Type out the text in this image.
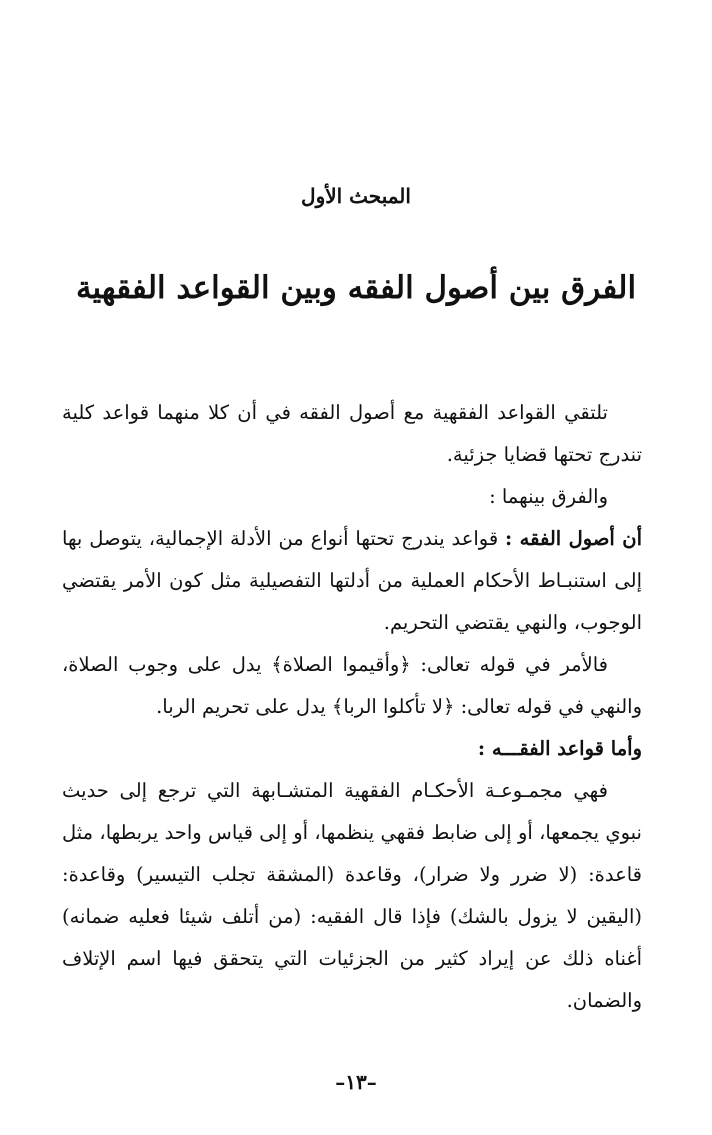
المبحث الأول
الفرق بين أصول الفقه وبين القواعد الفقهية

تلتقي القواعد الفقهية مع أصول الفقه في أن كلا منهما قواعد كلية تندرج تحتها قضايا جزئية.

والفرق بينهما :

أن أصول الفقه : قواعد يندرج تحتها أنواع من الأدلة الإجمالية، يتوصل بها إلى استنبـاط الأحكام العملية من أدلتها التفصيلية مثل كون الأمر يقتضي الوجوب، والنهي يقتضي التحريم.

فالأمر في قوله تعالى: ﴿وأقيموا الصلاة﴾ يدل على وجوب الصلاة، والنهي في قوله تعالى: ﴿لا تأكلوا الربا﴾ يدل على تحريم الربا.

وأما قواعد الفقـــه :

فهي مجمـوعـة الأحكـام الفقهية المتشـابهة التي ترجع إلى حديث نبوي يجمعها، أو إلى ضابط فقهي ينظمها، أو إلى قياس واحد يربطها، مثل قاعدة: (لا ضرر ولا ضرار)، وقاعدة (المشقة تجلب التيسير) وقاعدة: (اليقين لا يزول بالشك) فإذا قال الفقيه: (من أتلف شيئا فعليه ضمانه) أغناه ذلك عن إيراد كثير من الجزئيات التي يتحقق فيها اسم الإتلاف والضمان.

–١٣–
